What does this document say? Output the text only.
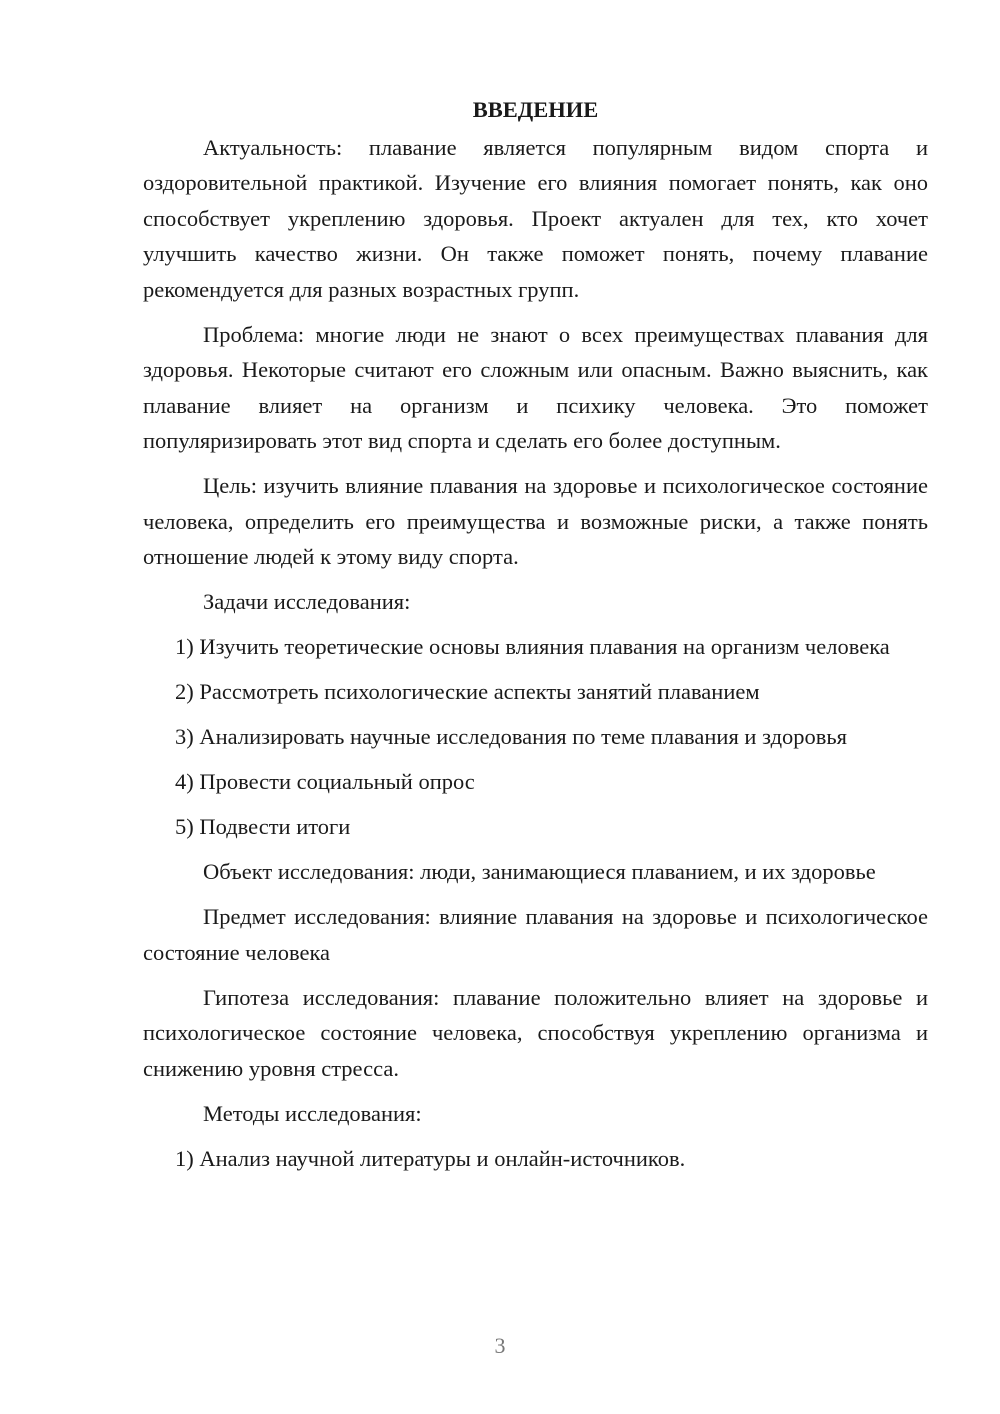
ВВЕДЕНИЕ

Актуальность: плавание является популярным видом спорта и оздоровительной практикой. Изучение его влияния помогает понять, как оно способствует укреплению здоровья. Проект актуален для тех, кто хочет улучшить качество жизни. Он также поможет понять, почему плавание рекомендуется для разных возрастных групп.

Проблема: многие люди не знают о всех преимуществах плавания для здоровья. Некоторые считают его сложным или опасным. Важно выяснить, как плавание влияет на организм и психику человека. Это поможет популяризировать этот вид спорта и сделать его более доступным.

Цель: изучить влияние плавания на здоровье и психологическое состояние человека, определить его преимущества и возможные риски, а также понять отношение людей к этому виду спорта.

Задачи исследования:

1) Изучить теоретические основы влияния плавания на организм человека

2) Рассмотреть психологические аспекты занятий плаванием

3) Анализировать научные исследования по теме плавания и здоровья

4) Провести социальный опрос

5) Подвести итоги

Объект исследования: люди, занимающиеся плаванием, и их здоровье

Предмет исследования: влияние плавания на здоровье и психологическое состояние человека

Гипотеза исследования: плавание положительно влияет на здоровье и психологическое состояние человека, способствуя укреплению организма и снижению уровня стресса.

Методы исследования:

1) Анализ научной литературы и онлайн-источников.

3
